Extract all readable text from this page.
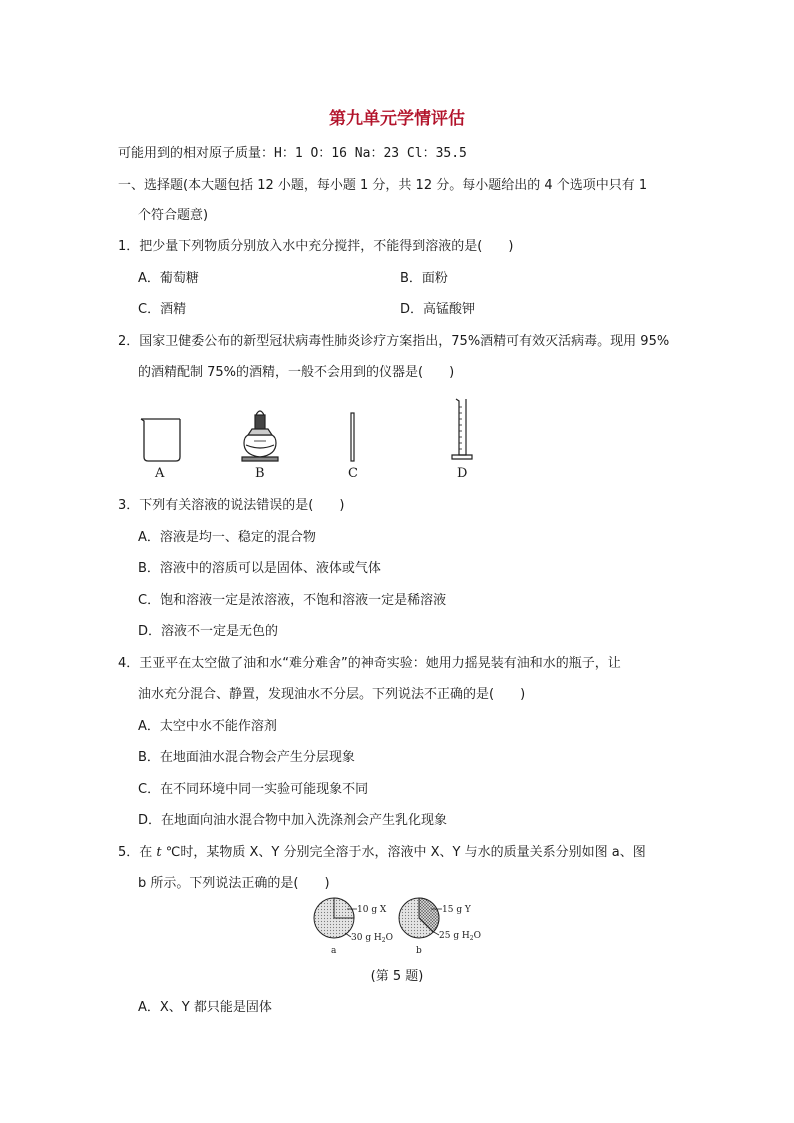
第九单元学情评估
可能用到的相对原子质量：H：1 O：16 Na：23 Cl：35.5
一、选择题(本大题包括 12 小题，每小题 1 分，共 12 分。每小题给出的 4 个选项中只有 1
个符合题意)
1．把少量下列物质分别放入水中充分搅拌，不能得到溶液的是(　　)
A．葡萄糖	B．面粉
C．酒精	D．高锰酸钾
2．国家卫健委公布的新型冠状病毒性肺炎诊疗方案指出，75%酒精可有效灭活病毒。现用 95%
的酒精配制 75%的酒精，一般不会用到的仪器是(　　)
A	B	C	D
3．下列有关溶液的说法错误的是(　　)
A．溶液是均一、稳定的混合物
B．溶液中的溶质可以是固体、液体或气体
C．饱和溶液一定是浓溶液，不饱和溶液一定是稀溶液
D．溶液不一定是无色的
4．王亚平在太空做了油和水“难分难舍”的神奇实验：她用力摇晃装有油和水的瓶子，让
油水充分混合、静置，发现油水不分层。下列说法不正确的是(　　)
A．太空中水不能作溶剂
B．在地面油水混合物会产生分层现象
C．在不同环境中同一实验可能现象不同
D．在地面向油水混合物中加入洗涤剂会产生乳化现象
5．在 t ℃时，某物质 X、Y 分别完全溶于水，溶液中 X、Y 与水的质量关系分别如图 a、图
b 所示。下列说法正确的是(　　)
10 g X
30 g $H_2O$
a
15 g Y
25 g $H_2O$
b
(第 5 题)
A．X、Y 都只能是固体
